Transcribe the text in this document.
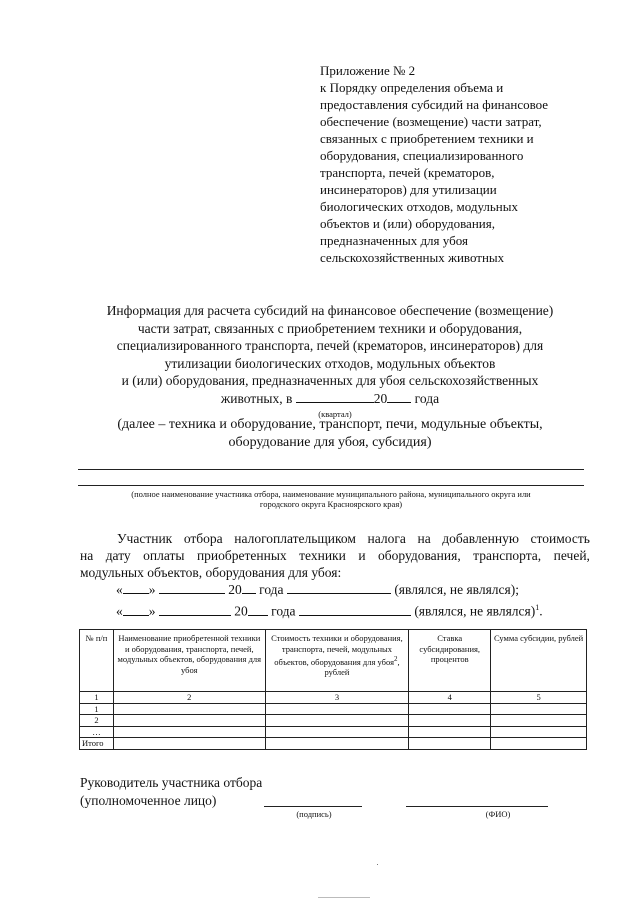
Приложение № 2
к Порядку определения объема и
предоставления субсидий на финансовое
обеспечение (возмещение) части затрат,
связанных с приобретением техники и
оборудования, специализированного
транспорта, печей (крематоров,
инсинераторов) для утилизации
биологических отходов, модульных
объектов и (или) оборудования,
предназначенных для убоя
сельскохозяйственных животных
Информация для расчета субсидий на финансовое обеспечение (возмещение)
части затрат, связанных с приобретением техники и оборудования,
специализированного транспорта, печей (крематоров, инсинераторов) для
утилизации биологических отходов, модульных объектов
и (или) оборудования, предназначенных для убоя сельскохозяйственных
животных, в	20 года
(далее – техника и оборудование, транспорт, печи, модульные объекты,
оборудование для убоя, субсидия)
(квартал)
(полное наименование участника отбора, наименование муниципального района, муниципального округа или
городского округа Красноярского края)
Участник отбора налогоплательщиком налога на добавленную стоимость
на дату оплаты приобретенных техники и оборудования, транспорта, печей,
модульных объектов, оборудования для убоя:
« »	20 года	(являлся, не являлся);
« »	20 года	(являлся, не являлся)$^1$.
№ п/п	Наименование приобретенной техники и оборудования, транспорта, печей, модульных объектов, оборудования для убоя	Стоимость техники и оборудования, транспорта, печей, модульных объектов, оборудования для убоя$^2$, рублей	Ставка субсидирования, процентов	Сумма субсидии, рублей
1	2	3	4	5
1				
2				
…				
Итого				
Руководитель участника отбора
(уполномоченное лицо)
(подпись)	(ФИО)
